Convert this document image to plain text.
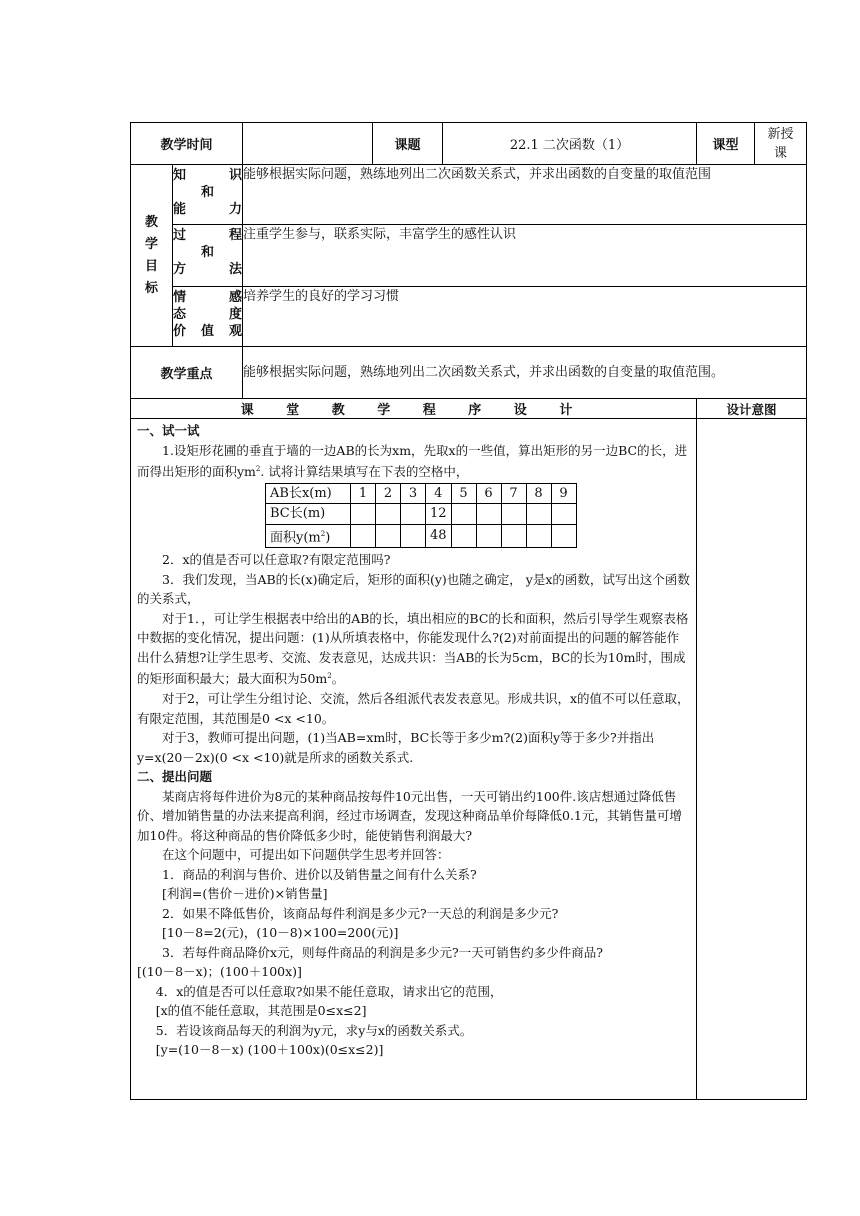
教学时间		课题	22.1 二次函数（1）	课型	新授课

教学目标

知 识
和
能 力
	能够根据实际问题，熟练地列出二次函数关系式，并求出函数的自变量的取值范围

过 程
和
方 法
	注重学生参与，联系实际，丰富学生的感性认识

情 感
态 度
价值观
	培养学生的良好的学习习惯
教学重点	能够根据实际问题，熟练地列出二次函数关系式，并求出函数的自变量的取值范围。
课 堂 教 学 程 序 设 计	设计意图

一、试一试

1.设矩形花圃的垂直于墙的一边AB的长为xm，先取x的一些值，算出矩形的另一边BC的长，进而得出矩形的面积$ym^2$. 试将计算结果填写在下表的空格中，

AB长x(m)	1	2	3	4	5	6	7	8	9
BC长(m)				12					
面积$y(m^2)$				48					

2．x的值是否可以任意取?有限定范围吗?

3．我们发现，当AB的长(x)确定后，矩形的面积(y)也随之确定， y是x的函数，试写出这个函数的关系式，

对于1．，可让学生根据表中给出的AB的长，填出相应的BC的长和面积，然后引导学生观察表格中数据的变化情况，提出问题：(1)从所填表格中，你能发现什么?(2)对前面提出的问题的解答能作出什么猜想?让学生思考、交流、发表意见，达成共识：当AB的长为5cm，BC的长为10m时，围成的矩形面积最大；最大面积为$50m^2$。

对于2，可让学生分组讨论、交流，然后各组派代表发表意见。形成共识，x的值不可以任意取，有限定范围，其范围是0 <x <10。

对于3，教师可提出问题，(1)当AB=xm时，BC长等于多少m?(2)面积y等于多少?并指出y=x(20－2x)(0 <x <10)就是所求的函数关系式.

二、提出问题

某商店将每件进价为8元的某种商品按每件10元出售，一天可销出约100件.该店想通过降低售价、增加销售量的办法来提高利润，经过市场调查，发现这种商品单价每降低0.1元，其销售量可增加10件。将这种商品的售价降低多少时，能使销售利润最大?

在这个问题中，可提出如下问题供学生思考并回答：

1．商品的利润与售价、进价以及销售量之间有什么关系?

[利润=(售价－进价)×销售量]

2．如果不降低售价，该商品每件利润是多少元?一天总的利润是多少元?

[10－8=2(元)，(10－8)×100=200(元)]

3．若每件商品降价x元，则每件商品的利润是多少元?一天可销售约多少件商品?

[(10－8－x)；(100＋100x)]

4．x的值是否可以任意取?如果不能任意取，请求出它的范围，

[x的值不能任意取，其范围是0≤x≤2]

5．若设该商品每天的利润为y元，求y与x的函数关系式。

[y=(10－8－x) (100＋100x)(0≤x≤2)]
